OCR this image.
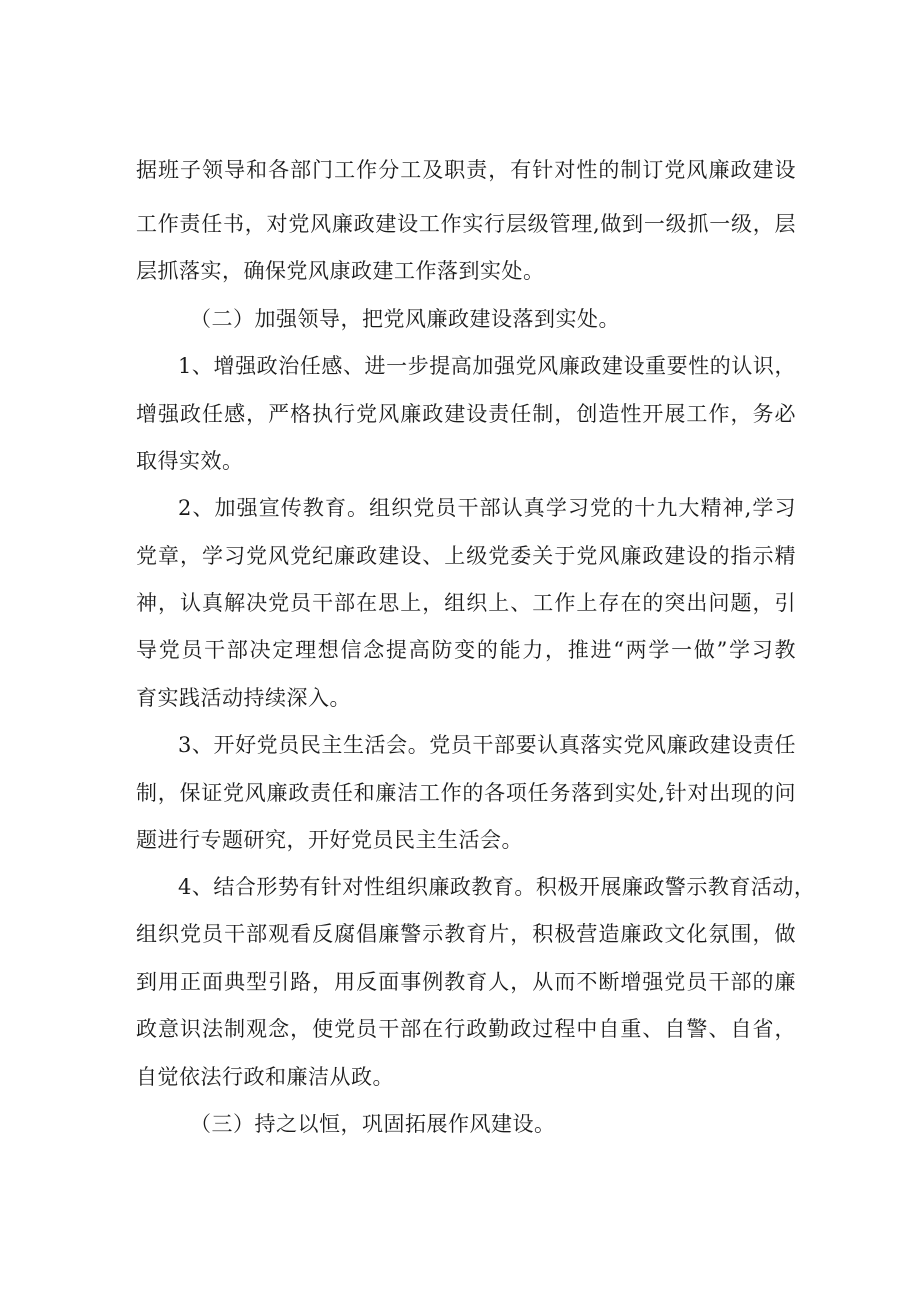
据班子领导和各部门工作分工及职责，有针对性的制订党风廉政建设
工作责任书，对党风廉政建设工作实行层级管理,做到一级抓一级，层
层抓落实，确保党风康政建工作落到实处。
（二）加强领导，把党风廉政建设落到实处。
1、增强政治任感、进一步提高加强党风廉政建设重要性的认识，
增强政任感，严格执行党风廉政建设责任制，创造性开展工作，务必
取得实效。
2、加强宣传教育。组织党员干部认真学习党的十九大精神,学习
党章，学习党风党纪廉政建设、上级党委关于党风廉政建设的指示精
神，认真解决党员干部在思上，组织上、工作上存在的突出问题，引
导党员干部决定理想信念提高防变的能力，推进“两学一做”学习教
育实践活动持续深入。
3、开好党员民主生活会。党员干部要认真落实党风廉政建设责任
制，保证党风廉政责任和廉洁工作的各项任务落到实处,针对出现的问
题进行专题研究，开好党员民主生活会。
4、结合形势有针对性组织廉政教育。积极开展廉政警示教育活动，
组织党员干部观看反腐倡廉警示教育片，积极营造廉政文化氛围，做
到用正面典型引路，用反面事例教育人，从而不断增强党员干部的廉
政意识法制观念，使党员干部在行政勤政过程中自重、自警、自省，
自觉依法行政和廉洁从政。
（三）持之以恒，巩固拓展作风建设。
